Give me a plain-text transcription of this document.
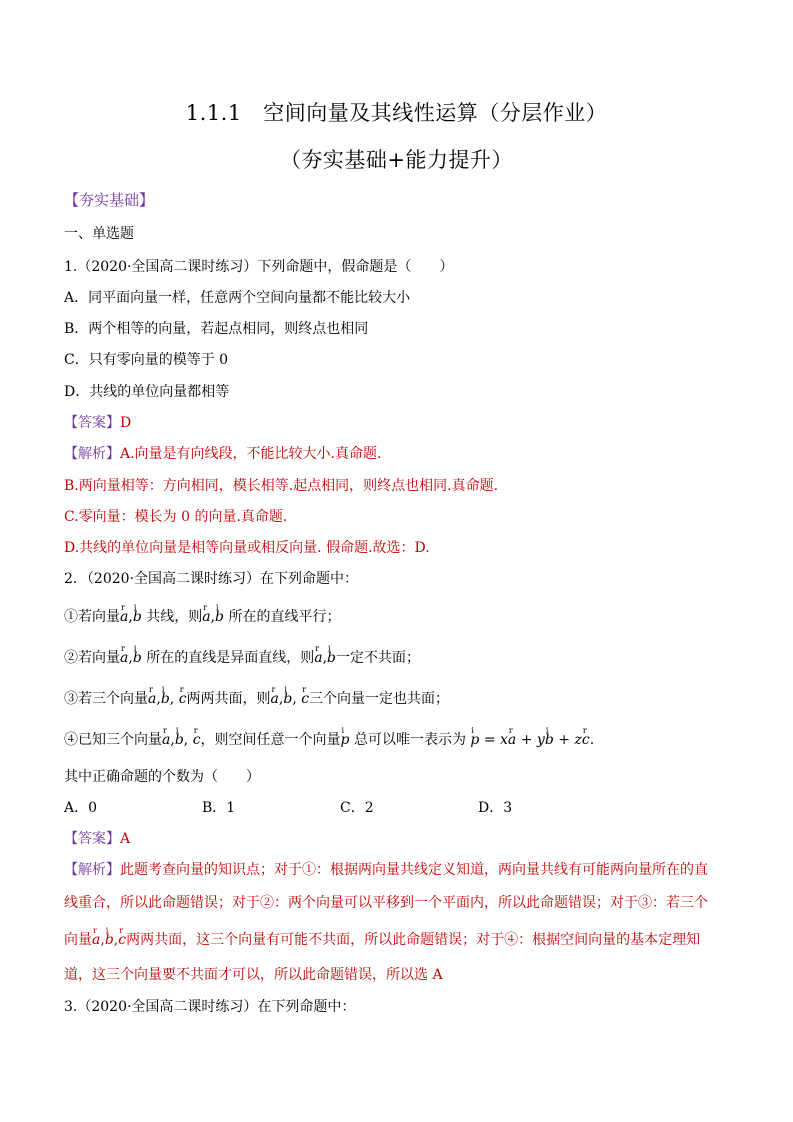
1.1.1　空间向量及其线性运算（分层作业）
（夯实基础+能力提升）
【夯实基础】
一、单选题
1.（2020·全国高二课时练习）下列命题中，假命题是（　　）
A．同平面向量一样，任意两个空间向量都不能比较大小
B．两个相等的向量，若起点相同，则终点也相同
C．只有零向量的模等于 0
D．共线的单位向量都相等
【答案】D
【解析】A.向量是有向线段，不能比较大小.真命题.
B.两向量相等：方向相同，模长相等.起点相同，则终点也相同.真命题.
C.零向量：模长为 0 的向量.真命题.
D.共线的单位向量是相等向量或相反向量. 假命题.故选：D.
2．（2020·全国高二课时练习）在下列命题中：
①若向量r a,i b 共线，则r a,i b 所在的直线平行；
②若向量r a,i b 所在的直线是异面直线，则r a,i b一定不共面；
③若三个向量r a,i b, r c两两共面，则r a,i b, r c三个向量一定也共面；
④已知三个向量r a,i b, r c，则空间任意一个向量i p 总可以唯一表示为 i p = xr a + yi b + zr c.
其中正确命题的个数为（　　）
A．0	B．1	C．2	D．3
【答案】A
【解析】此题考查向量的知识点；对于①：根据两向量共线定义知道，两向量共线有可能两向量所在的直
线重合，所以此命题错误；对于②：两个向量可以平移到一个平面内，所以此命题错误；对于③：若三个
向量r a,i b,r c两两共面，这三个向量有可能不共面，所以此命题错误；对于④：根据空间向量的基本定理知
道，这三个向量要不共面才可以，所以此命题错误，所以选 A
3.（2020·全国高二课时练习）在下列命题中：
